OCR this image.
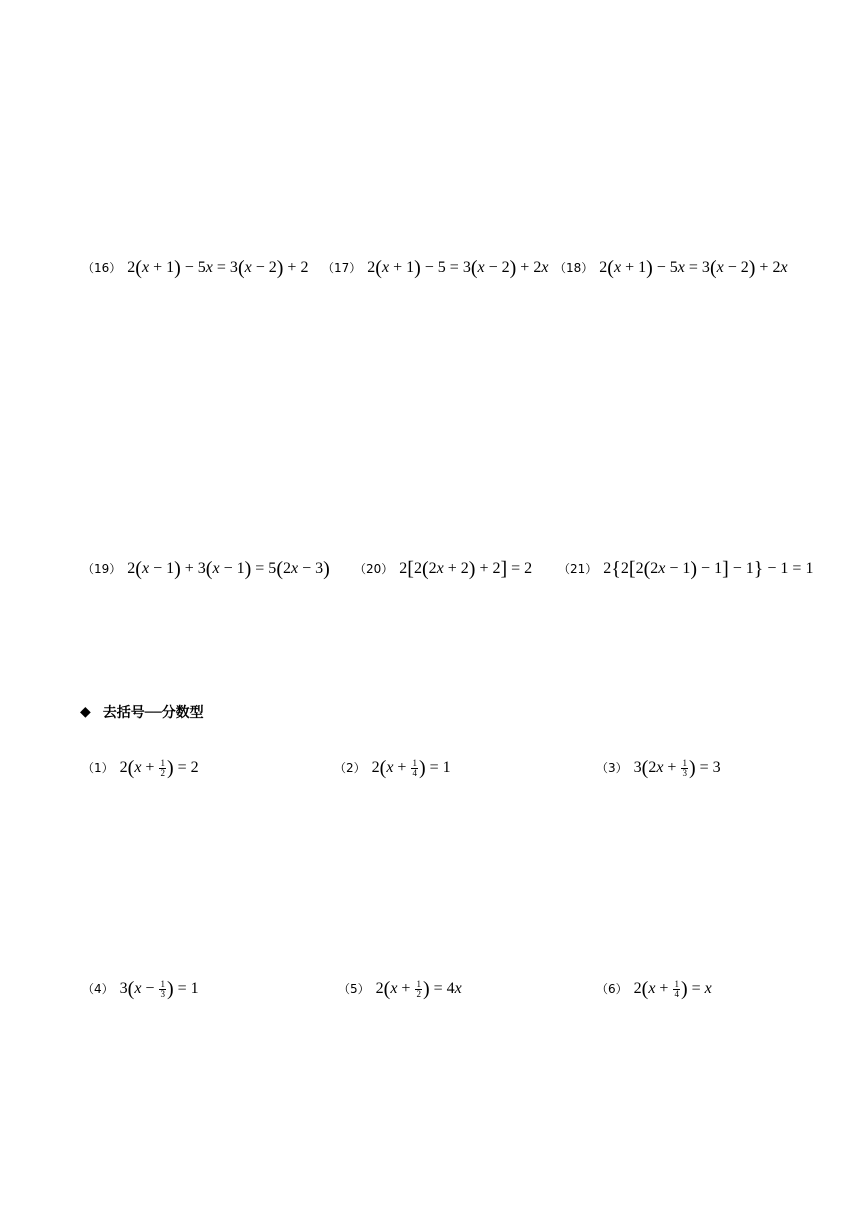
（16） 2(x + 1) − 5x = 3(x − 2) + 2 （17） 2(x + 1) − 5 = 3(x − 2) + 2x （18） 2(x + 1) − 5x = 3(x − 2) + 2x
（19） 2(x − 1) + 3(x − 1) = 5(2x − 3) （20） 2[2(2x + 2) + 2] = 2 （21） 2{2[2(2x − 1) − 1] − 1} − 1 = 1
◆ 去括号──分数型
（1） $2(x + \frac{1}{2}$ ) = 2	（2） $2(x + \frac{1}{4}$ ) = 1	（3） $3(2x + \frac{1}{3}$ ) = 3
（4） $3(x - \frac{1}{3}$ ) = 1	（5） $2(x + \frac{1}{2}$ ) = 4x	（6） $2(x + \frac{1}{4}$ ) = x
